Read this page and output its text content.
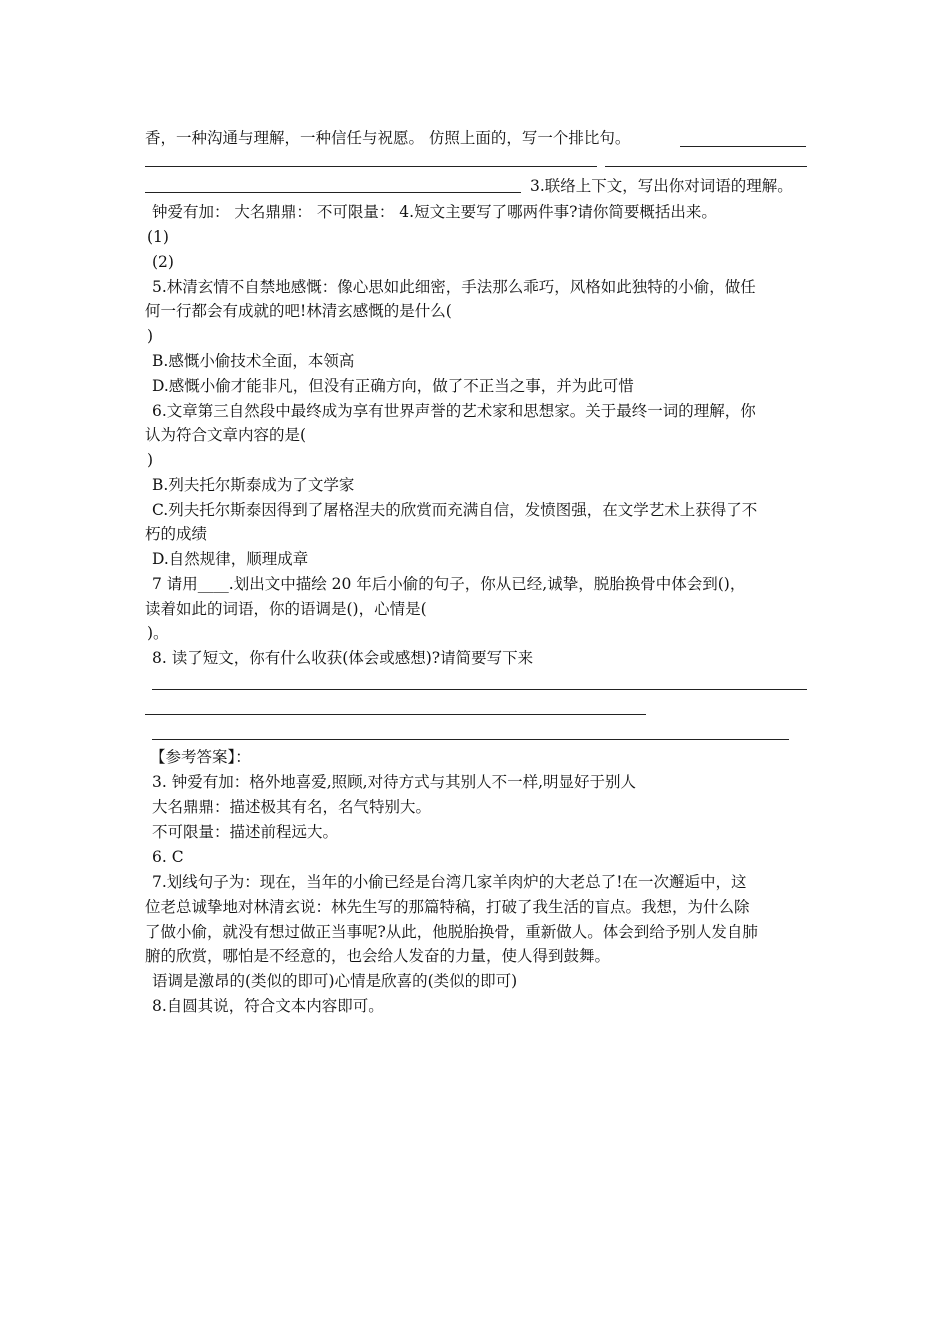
香，一种沟通与理解，一种信任与祝愿。 仿照上面的，写一个排比句。
3.联络上下文，写出你对词语的理解。
钟爱有加： 大名鼎鼎： 不可限量： 4.短文主要写了哪两件事?请你简要概括出来。
(1)
(2)
5.林清玄情不自禁地感慨：像心思如此细密，手法那么乖巧，风格如此独特的小偷，做任
何一行都会有成就的吧!林清玄感慨的是什么(
)
B.感慨小偷技术全面，本领高
D.感慨小偷才能非凡，但没有正确方向，做了不正当之事，并为此可惜
6.文章第三自然段中最终成为享有世界声誉的艺术家和思想家。关于最终一词的理解，你
认为符合文章内容的是(
)
B.列夫托尔斯泰成为了文学家
C.列夫托尔斯泰因得到了屠格涅夫的欣赏而充满自信，发愤图强，在文学艺术上获得了不
朽的成绩
D.自然规律，顺理成章
7 请用____.划出文中描绘 20 年后小偷的句子，你从已经,诚挚，脱胎换骨中体会到()，
读着如此的词语，你的语调是()，心情是(
)。
8. 读了短文，你有什么收获(体会或感想)?请简要写下来
【参考答案】：
3. 钟爱有加：格外地喜爱,照顾,对待方式与其别人不一样,明显好于别人
大名鼎鼎：描述极其有名，名气特别大。
不可限量：描述前程远大。
6. C
7.划线句子为：现在，当年的小偷已经是台湾几家羊肉炉的大老总了!在一次邂逅中，这
位老总诚挚地对林清玄说：林先生写的那篇特稿，打破了我生活的盲点。我想，为什么除
了做小偷，就没有想过做正当事呢?从此，他脱胎换骨，重新做人。体会到给予别人发自肺
腑的欣赏，哪怕是不经意的，也会给人发奋的力量，使人得到鼓舞。
语调是激昂的(类似的即可)心情是欣喜的(类似的即可)
8.自圆其说，符合文本内容即可。
